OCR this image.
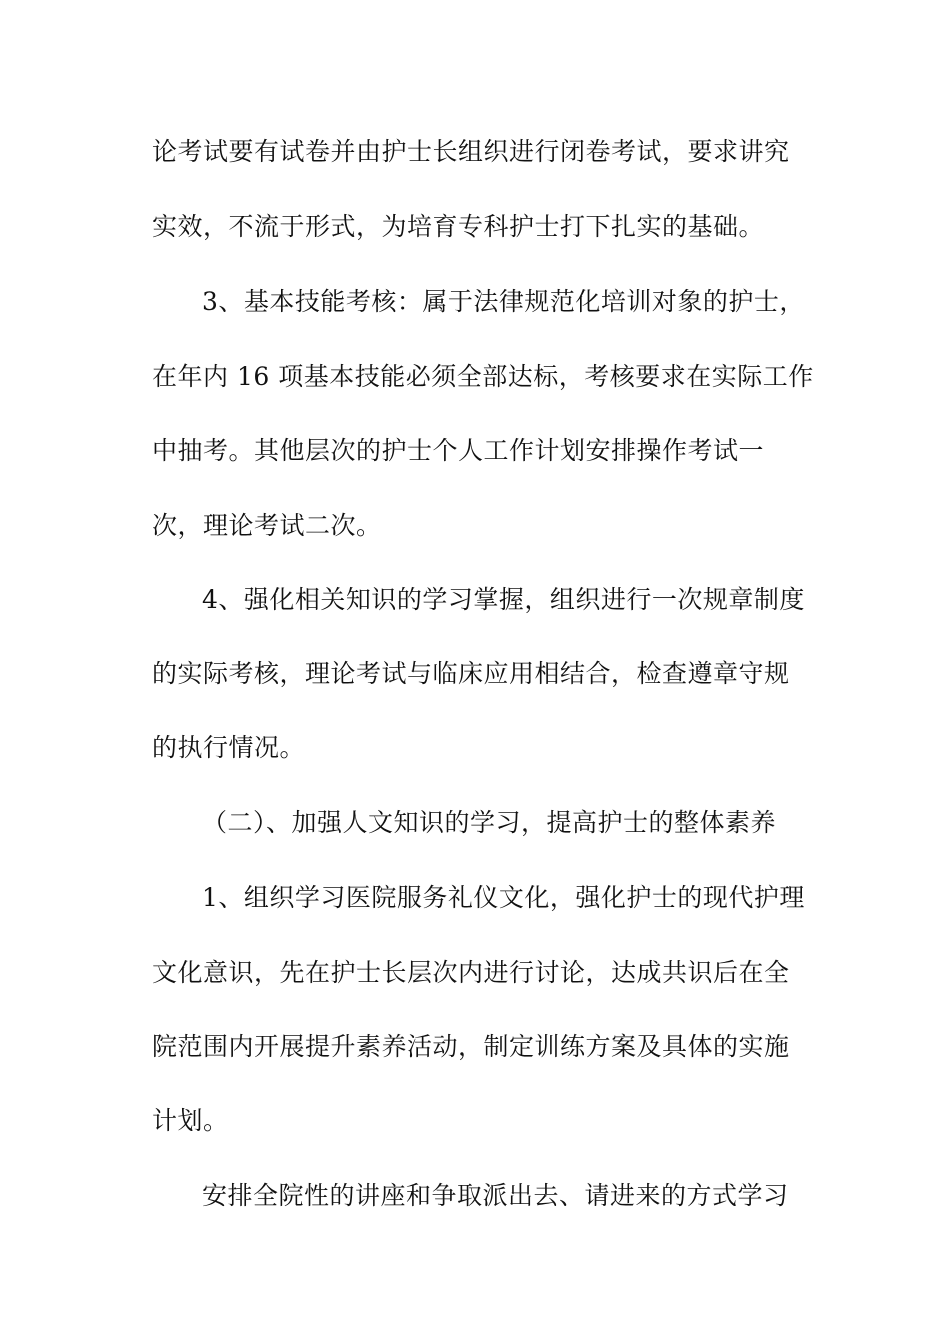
论考试要有试卷并由护士长组织进行闭卷考试，要求讲究
实效，不流于形式，为培育专科护士打下扎实的基础。
3、基本技能考核：属于法律规范化培训对象的护士，
在年内 16 项基本技能必须全部达标，考核要求在实际工作
中抽考。其他层次的护士个人工作计划安排操作考试一
次，理论考试二次。
4、强化相关知识的学习掌握，组织进行一次规章制度
的实际考核，理论考试与临床应用相结合，检查遵章守规
的执行情况。
（二）、加强人文知识的学习，提高护士的整体素养
1、组织学习医院服务礼仪文化，强化护士的现代护理
文化意识，先在护士长层次内进行讨论，达成共识后在全
院范围内开展提升素养活动，制定训练方案及具体的实施
计划。
安排全院性的讲座和争取派出去、请进来的方式学习
